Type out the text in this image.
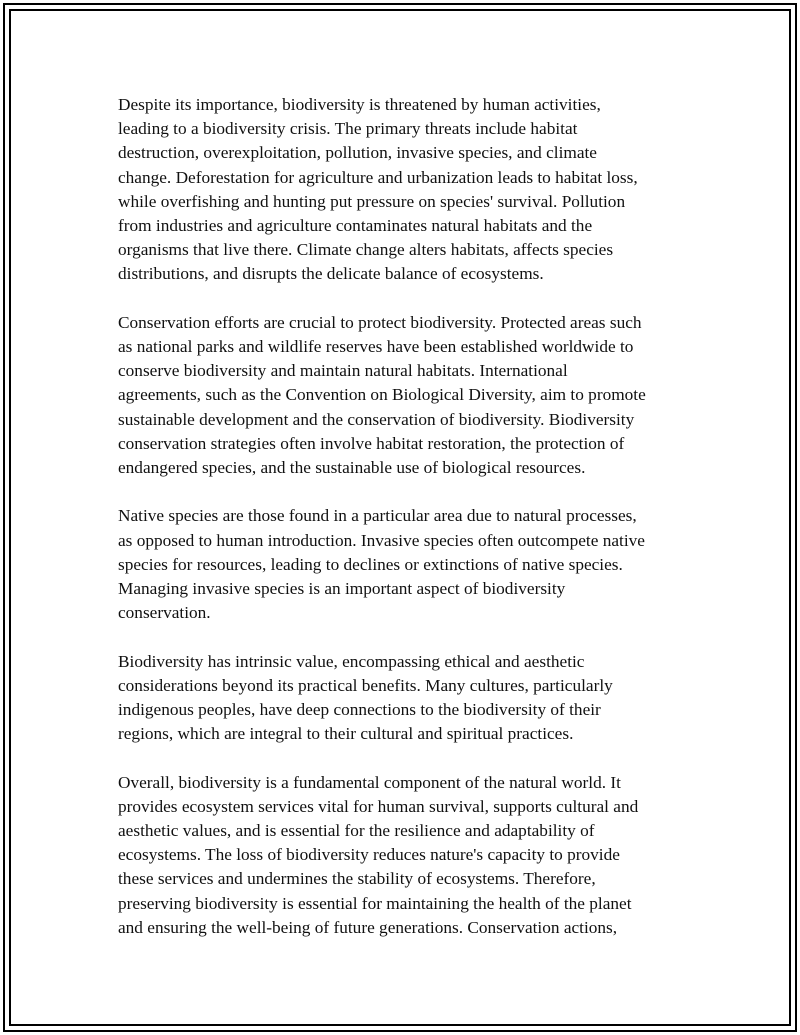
Despite its importance, biodiversity is threatened by human activities,
leading to a biodiversity crisis. The primary threats include habitat
destruction, overexploitation, pollution, invasive species, and climate
change. Deforestation for agriculture and urbanization leads to habitat loss,
while overfishing and hunting put pressure on species' survival. Pollution
from industries and agriculture contaminates natural habitats and the
organisms that live there. Climate change alters habitats, affects species
distributions, and disrupts the delicate balance of ecosystems.

Conservation efforts are crucial to protect biodiversity. Protected areas such
as national parks and wildlife reserves have been established worldwide to
conserve biodiversity and maintain natural habitats. International
agreements, such as the Convention on Biological Diversity, aim to promote
sustainable development and the conservation of biodiversity. Biodiversity
conservation strategies often involve habitat restoration, the protection of
endangered species, and the sustainable use of biological resources.

Native species are those found in a particular area due to natural processes,
as opposed to human introduction. Invasive species often outcompete native
species for resources, leading to declines or extinctions of native species.
Managing invasive species is an important aspect of biodiversity
conservation.

Biodiversity has intrinsic value, encompassing ethical and aesthetic
considerations beyond its practical benefits. Many cultures, particularly
indigenous peoples, have deep connections to the biodiversity of their
regions, which are integral to their cultural and spiritual practices.

Overall, biodiversity is a fundamental component of the natural world. It
provides ecosystem services vital for human survival, supports cultural and
aesthetic values, and is essential for the resilience and adaptability of
ecosystems. The loss of biodiversity reduces nature's capacity to provide
these services and undermines the stability of ecosystems. Therefore,
preserving biodiversity is essential for maintaining the health of the planet
and ensuring the well-being of future generations. Conservation actions,
